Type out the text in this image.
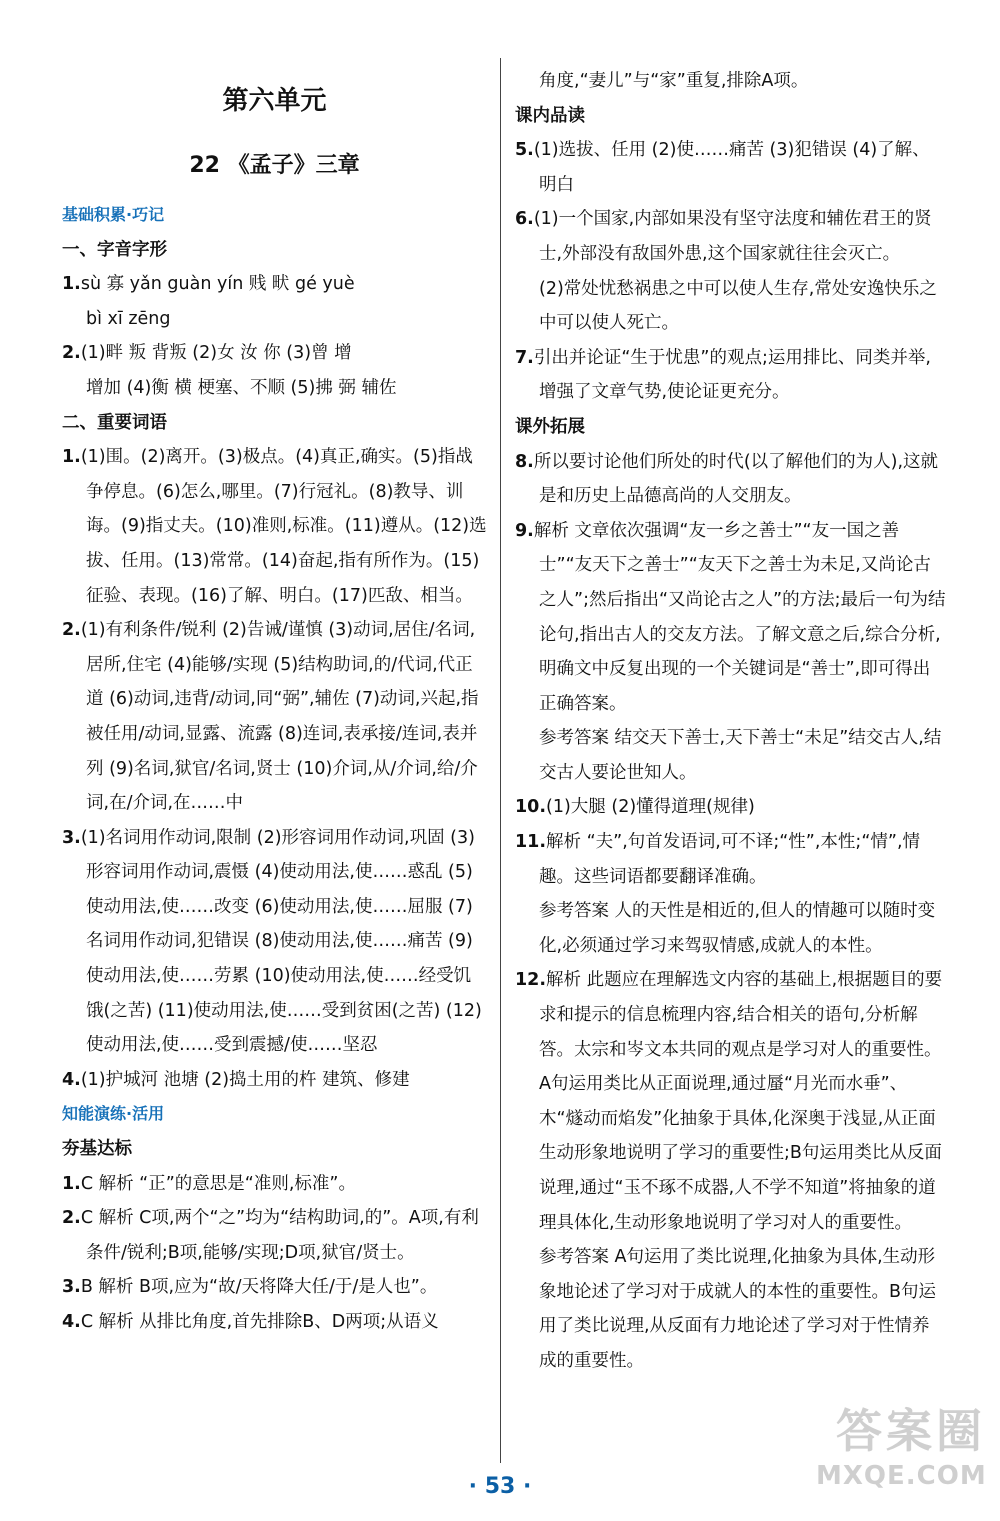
第六单元
22 《孟子》三章
基础积累·巧记
一、字音字形
1.sù 寡 yǎn guàn yín 贱 畎 gé yuè
bì xī zēng
2.(1)畔 叛 背叛 (2)女 汝 你 (3)曾 增
增加 (4)衡 横 梗塞、不顺 (5)拂 弼 辅佐
二、重要词语
1.(1)围。(2)离开。(3)极点。(4)真正,确实。(5)指战争停息。(6)怎么,哪里。(7)行冠礼。(8)教导、训诲。(9)指丈夫。(10)准则,标准。(11)遵从。(12)选拔、任用。(13)常常。(14)奋起,指有所作为。(15)征验、表现。(16)了解、明白。(17)匹敌、相当。
2.(1)有利条件/锐利 (2)告诫/谨慎 (3)动词,居住/名词,居所,住宅 (4)能够/实现 (5)结构助词,的/代词,代正道 (6)动词,违背/动词,同“弼”,辅佐 (7)动词,兴起,指被任用/动词,显露、流露 (8)连词,表承接/连词,表并列 (9)名词,狱官/名词,贤士 (10)介词,从/介词,给/介词,在/介词,在……中
3.(1)名词用作动词,限制 (2)形容词用作动词,巩固 (3)形容词用作动词,震慑 (4)使动用法,使……惑乱 (5)使动用法,使……改变 (6)使动用法,使……屈服 (7)名词用作动词,犯错误 (8)使动用法,使……痛苦 (9)使动用法,使……劳累 (10)使动用法,使……经受饥饿(之苦) (11)使动用法,使……受到贫困(之苦) (12)使动用法,使……受到震撼/使……坚忍
4.(1)护城河 池塘 (2)捣土用的杵 建筑、修建
知能演练·活用
夯基达标
1.C 解析 “正”的意思是“准则,标准”。
2.C 解析 C项,两个“之”均为“结构助词,的”。A项,有利条件/锐利;B项,能够/实现;D项,狱官/贤士。
3.B 解析 B项,应为“故/天将降大任/于/是人也”。
4.C 解析 从排比角度,首先排除B、D两项;从语义
角度,“妻儿”与“家”重复,排除A项。
课内品读
5.(1)选拔、任用 (2)使……痛苦 (3)犯错误 (4)了解、明白
6.(1)一个国家,内部如果没有坚守法度和辅佐君王的贤士,外部没有敌国外患,这个国家就往往会灭亡。
(2)常处忧愁祸患之中可以使人生存,常处安逸快乐之中可以使人死亡。
7.引出并论证“生于忧患”的观点;运用排比、同类并举,增强了文章气势,使论证更充分。
课外拓展
8.所以要讨论他们所处的时代(以了解他们的为人),这就是和历史上品德高尚的人交朋友。
9.解析 文章依次强调“友一乡之善士”“友一国之善士”“友天下之善士”“友天下之善士为未足,又尚论古之人”;然后指出“又尚论古之人”的方法;最后一句为结论句,指出古人的交友方法。了解文意之后,综合分析,明确文中反复出现的一个关键词是“善士”,即可得出正确答案。
参考答案 结交天下善士,天下善士“未足”结交古人,结交古人要论世知人。
10.(1)大腿 (2)懂得道理(规律)
11.解析 “夫”,句首发语词,可不译;“性”,本性;“情”,情趣。这些词语都要翻译准确。
参考答案 人的天性是相近的,但人的情趣可以随时变化,必须通过学习来驾驭情感,成就人的本性。
12.解析 此题应在理解选文内容的基础上,根据题目的要求和提示的信息梳理内容,结合相关的语句,分析解答。太宗和岑文本共同的观点是学习对人的重要性。A句运用类比从正面说理,通过蜃“月光而水垂”、木“燧动而焰发”化抽象于具体,化深奥于浅显,从正面生动形象地说明了学习的重要性;B句运用类比从反面说理,通过“玉不琢不成器,人不学不知道”将抽象的道理具体化,生动形象地说明了学习对人的重要性。
参考答案 A句运用了类比说理,化抽象为具体,生动形象地论述了学习对于成就人的本性的重要性。B句运用了类比说理,从反面有力地论述了学习对于性情养成的重要性。
· 53 ·
答案圈
MXQE.COM
